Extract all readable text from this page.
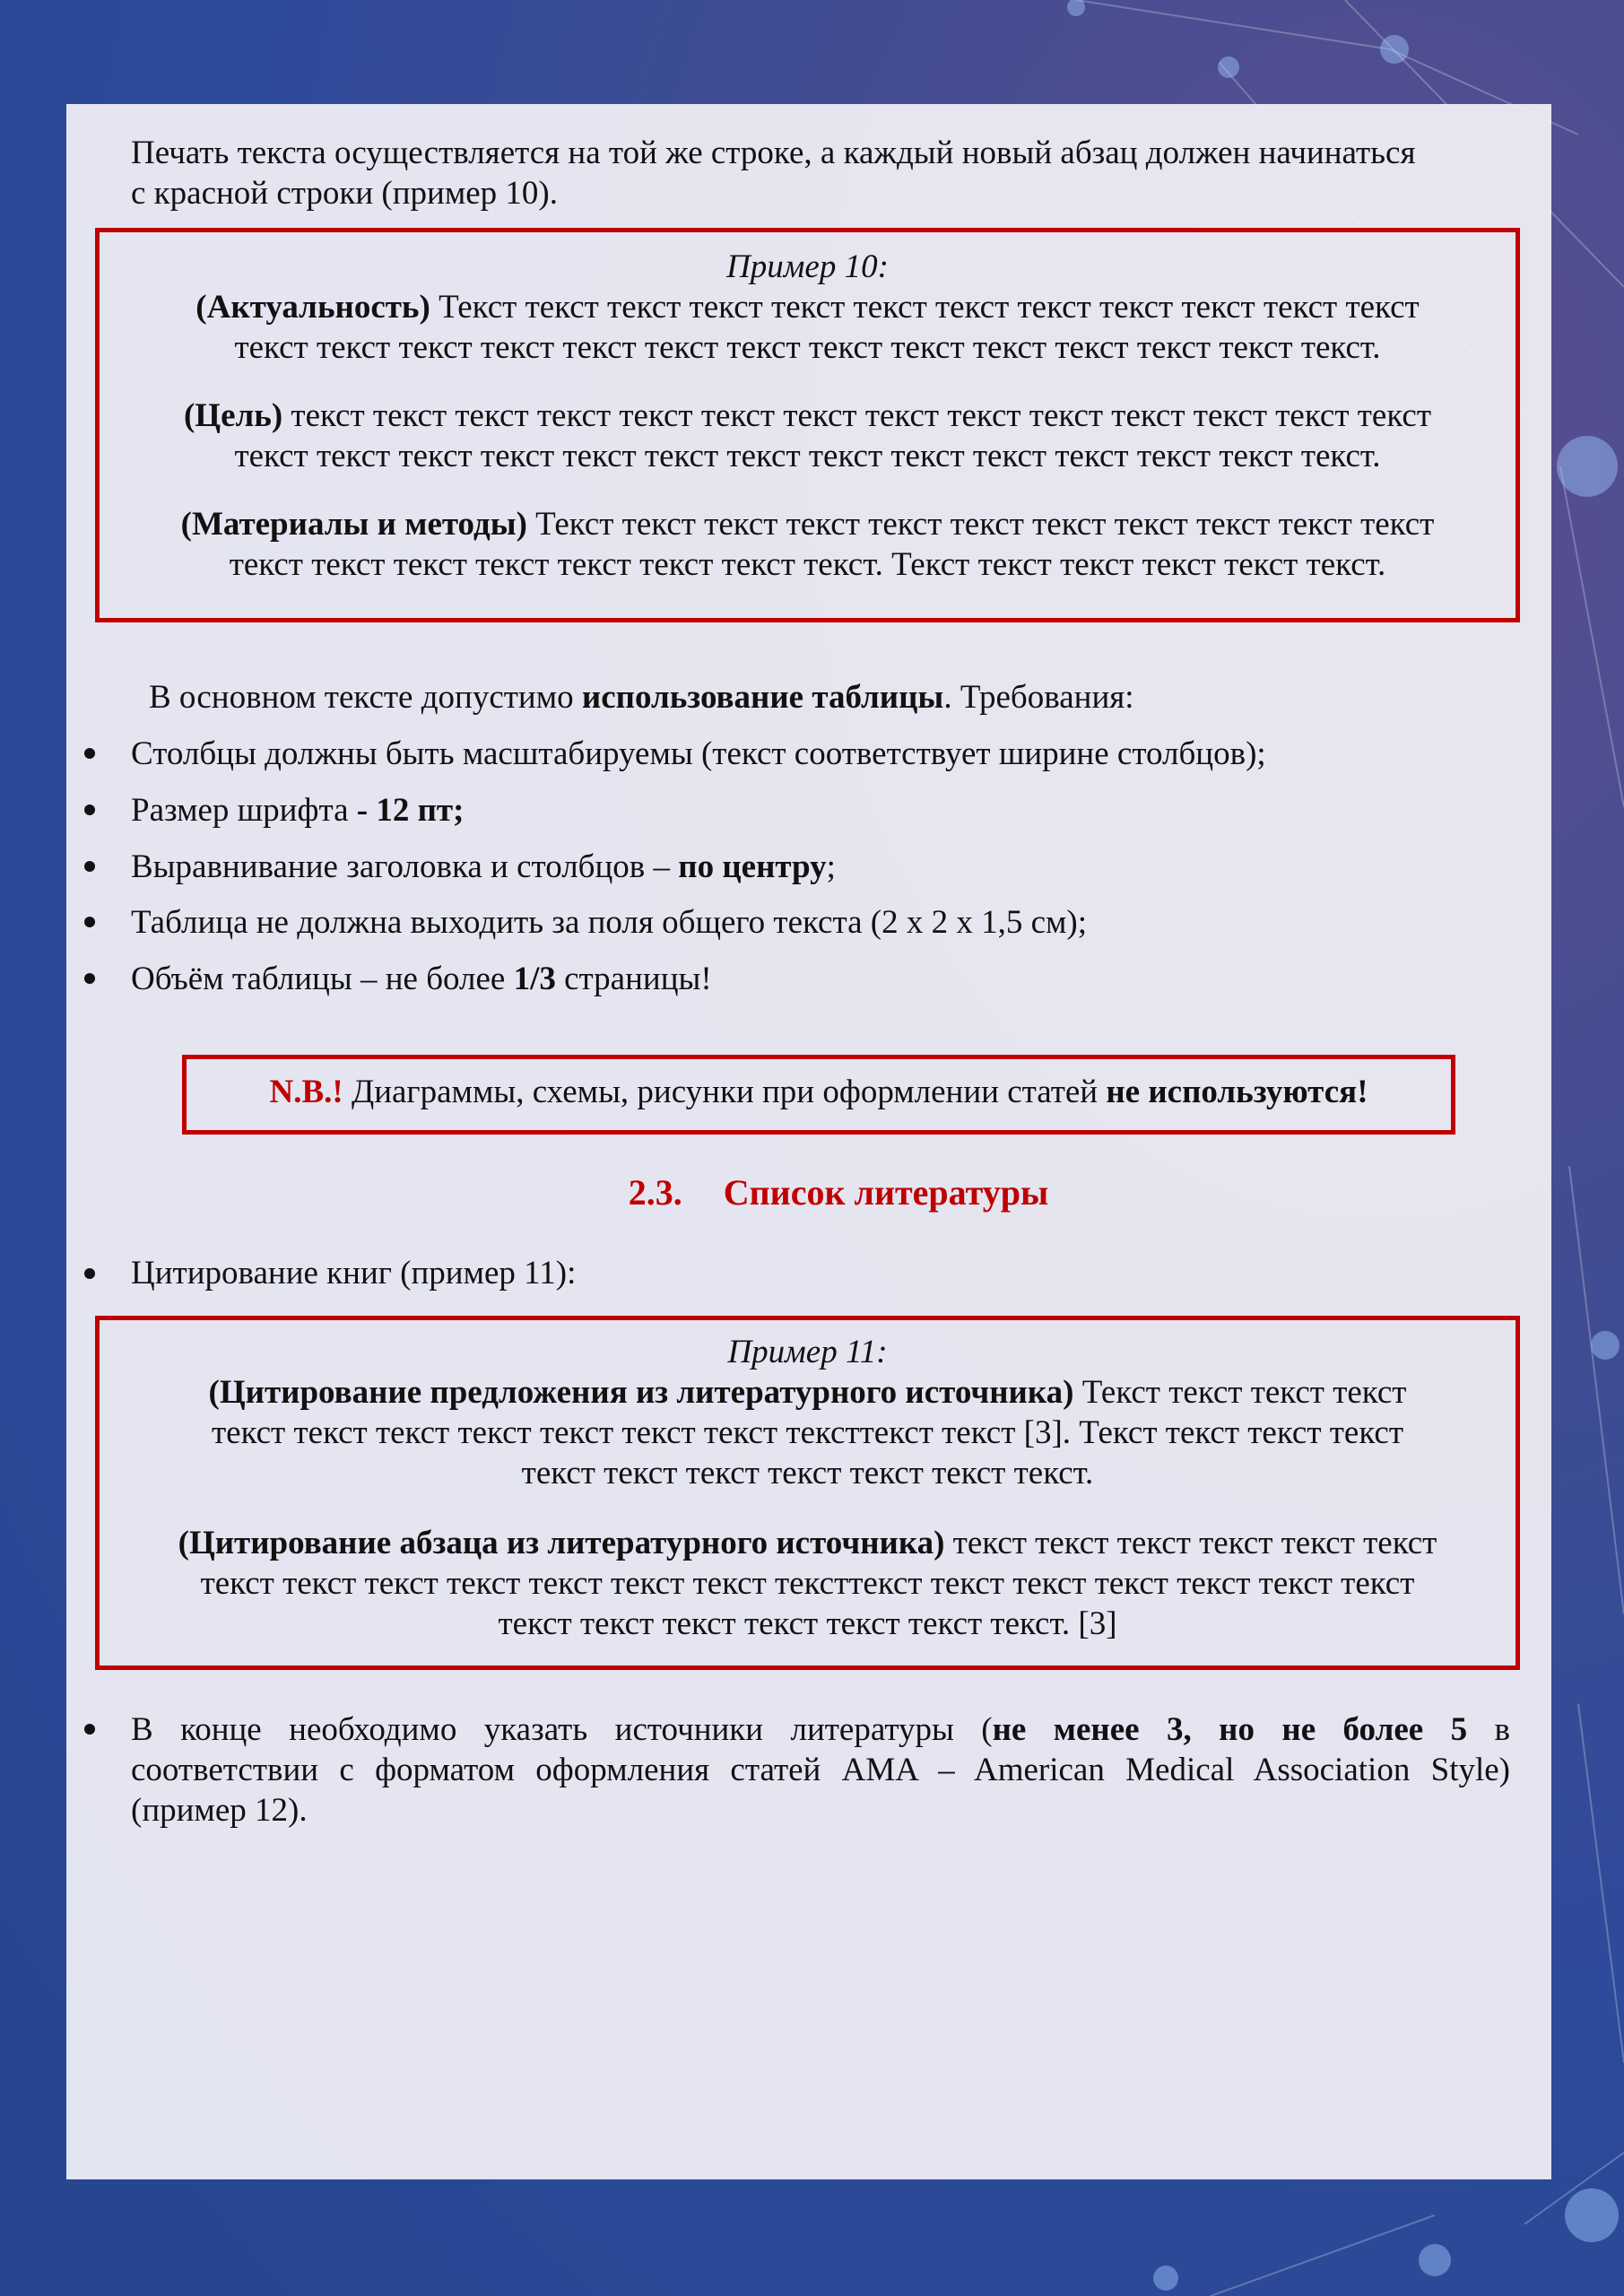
Печать текста осуществляется на той же строке, а каждый новый абзац должен начинаться
с красной строки (пример 10).
Пример 10:
(Актуальность) Текст текст текст текст текст текст текст текст текст текст текст текст
текст текст текст текст текст текст текст текст текст текст текст текст текст текст.
(Цель) текст текст текст текст текст текст текст текст текст текст текст текст текст текст
текст текст текст текст текст текст текст текст текст текст текст текст текст текст.
(Материалы и методы) Текст текст текст текст текст текст текст текст текст текст текст
текст текст текст текст текст текст текст текст. Текст текст текст текст текст текст.
В основном тексте допустимо использование таблицы. Требования:
Столбцы должны быть масштабируемы (текст соответствует ширине столбцов);
Размер шрифта - 12 пт;
Выравнивание заголовка и столбцов – по центру;
Таблица не должна выходить за поля общего текста (2 х 2 х 1,5 см);
Объём таблицы – не более 1/3 страницы!
N.B.! Диаграммы, схемы, рисунки при оформлении статей не используются!
2.3. Список литературы
Цитирование книг (пример 11):
Пример 11:
(Цитирование предложения из литературного источника) Текст текст текст текст
текст текст текст текст текст текст текст тексттекст текст [3]. Текст текст текст текст
текст текст текст текст текст текст текст.
(Цитирование абзаца из литературного источника) текст текст текст текст текст текст
текст текст текст текст текст текст текст тексттекст текст текст текст текст текст текст
текст текст текст текст текст текст текст. [3]
В конце необходимо указать источники литературы (не менее 3, но не более 5 в
соответствии с форматом оформления статей AMA – American Medical Association Style)
(пример 12).
